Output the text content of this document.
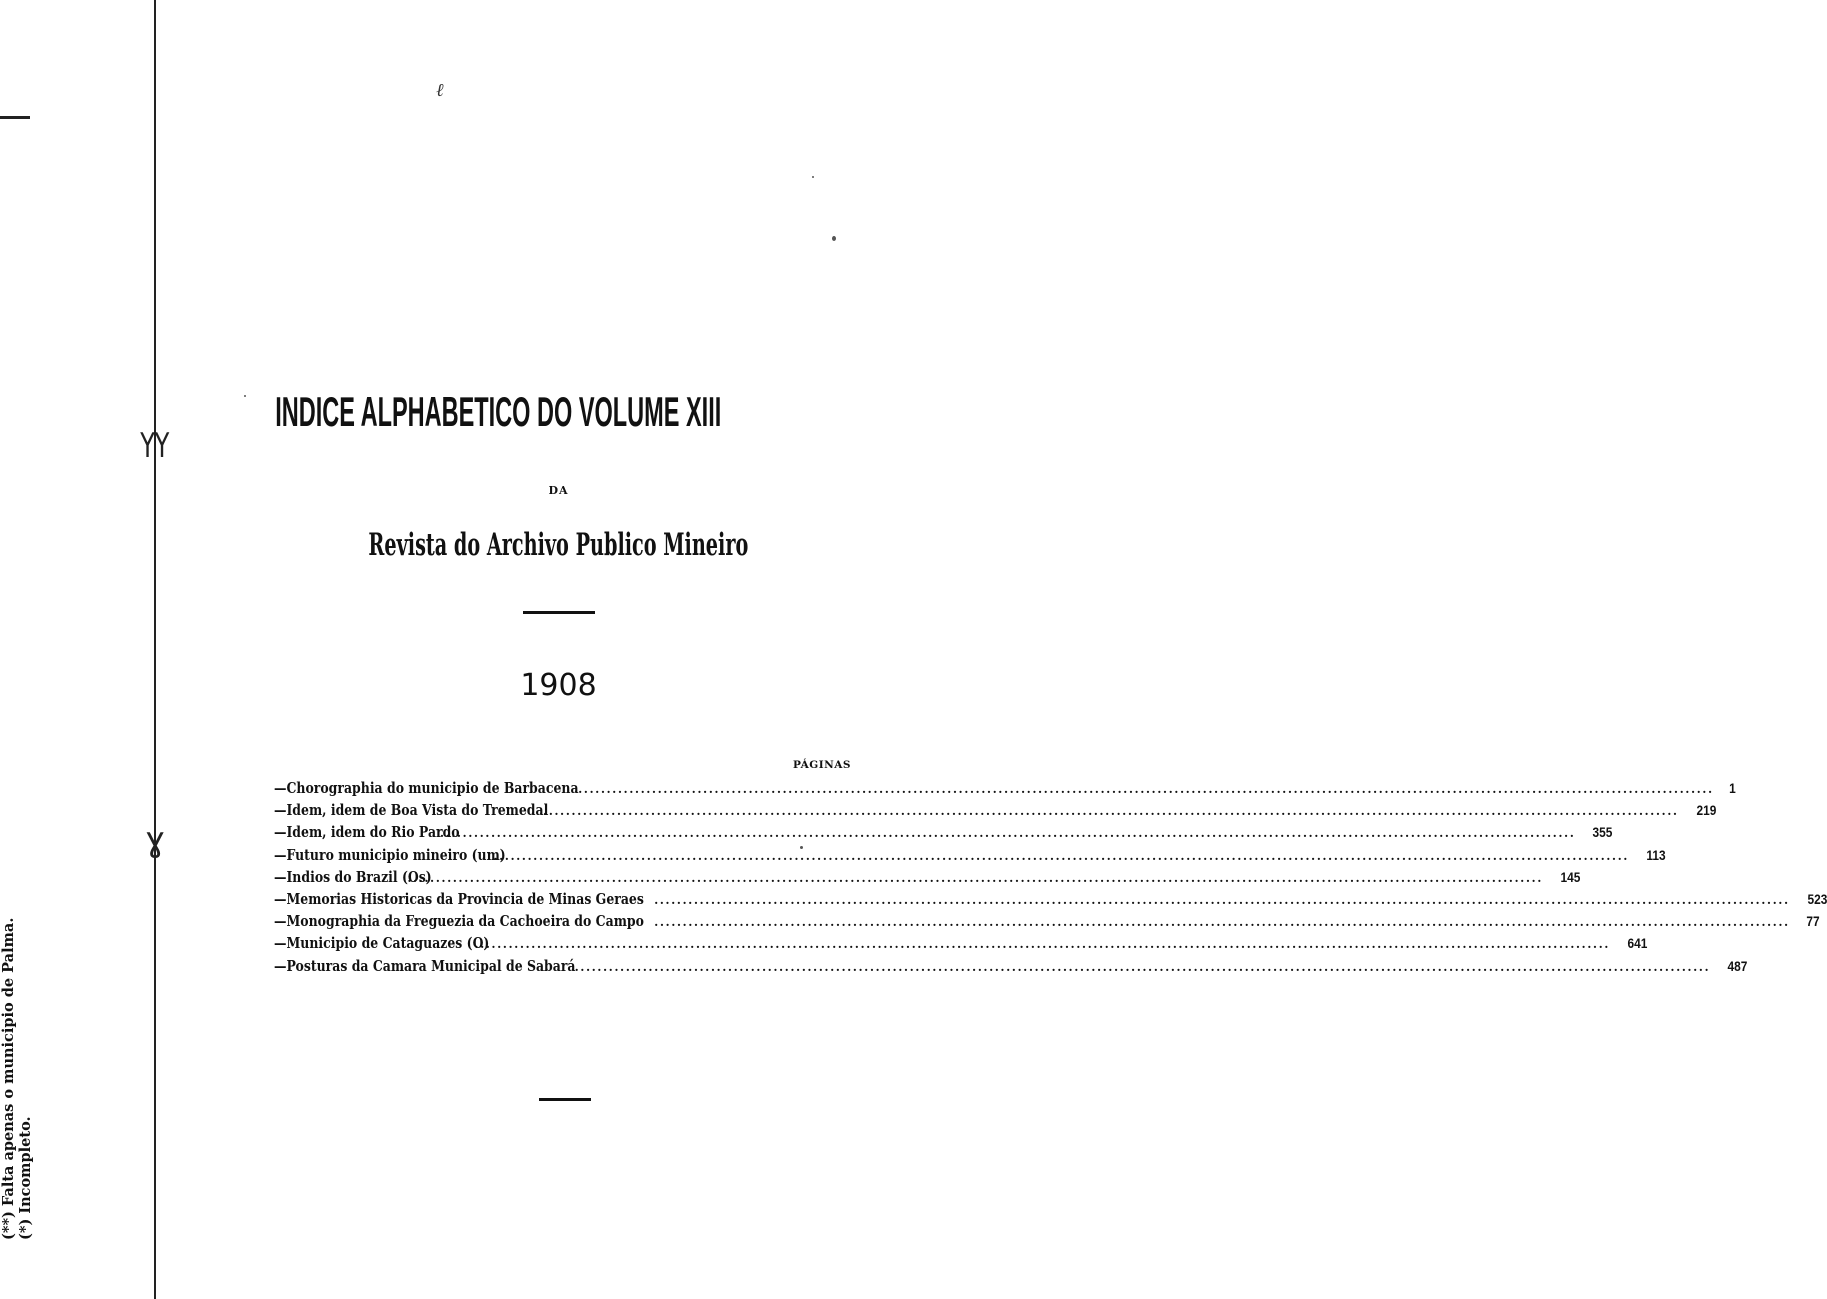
YY
ɣ
ℓ
(**) Falta apenas o municipio de Palma. (*) Incompleto.
INDICE ALPHABETICO DO VOLUME XIII
DA
Revista do Archivo Publico Mineiro
1908
PÁGINAS
—Chorographia do municipio de Barbacena ........................................................................................................................................................................................................ 1
—Idem, idem de Boa Vista do Tremedal
........................................................................................................................................................................................................ 219
—Idem, idem do Rio Pardo
........................................................................................................................................................................................................ 355
—Futuro municipio mineiro (um)
........................................................................................................................................................................................................ 113
—Indios do Brazil (Os)
........................................................................................................................................................................................................ 145
—Memorias Historicas da Provincia de Minas Geraes ........................................................................................................................................................................................................ 523
—Monographia da Freguezia da Cachoeira do Campo ........................................................................................................................................................................................................ 77
—Municipio de Cataguazes (O)
........................................................................................................................................................................................................ 641
—Posturas da Camara Municipal de Sabará ........................................................................................................................................................................................................ 487
